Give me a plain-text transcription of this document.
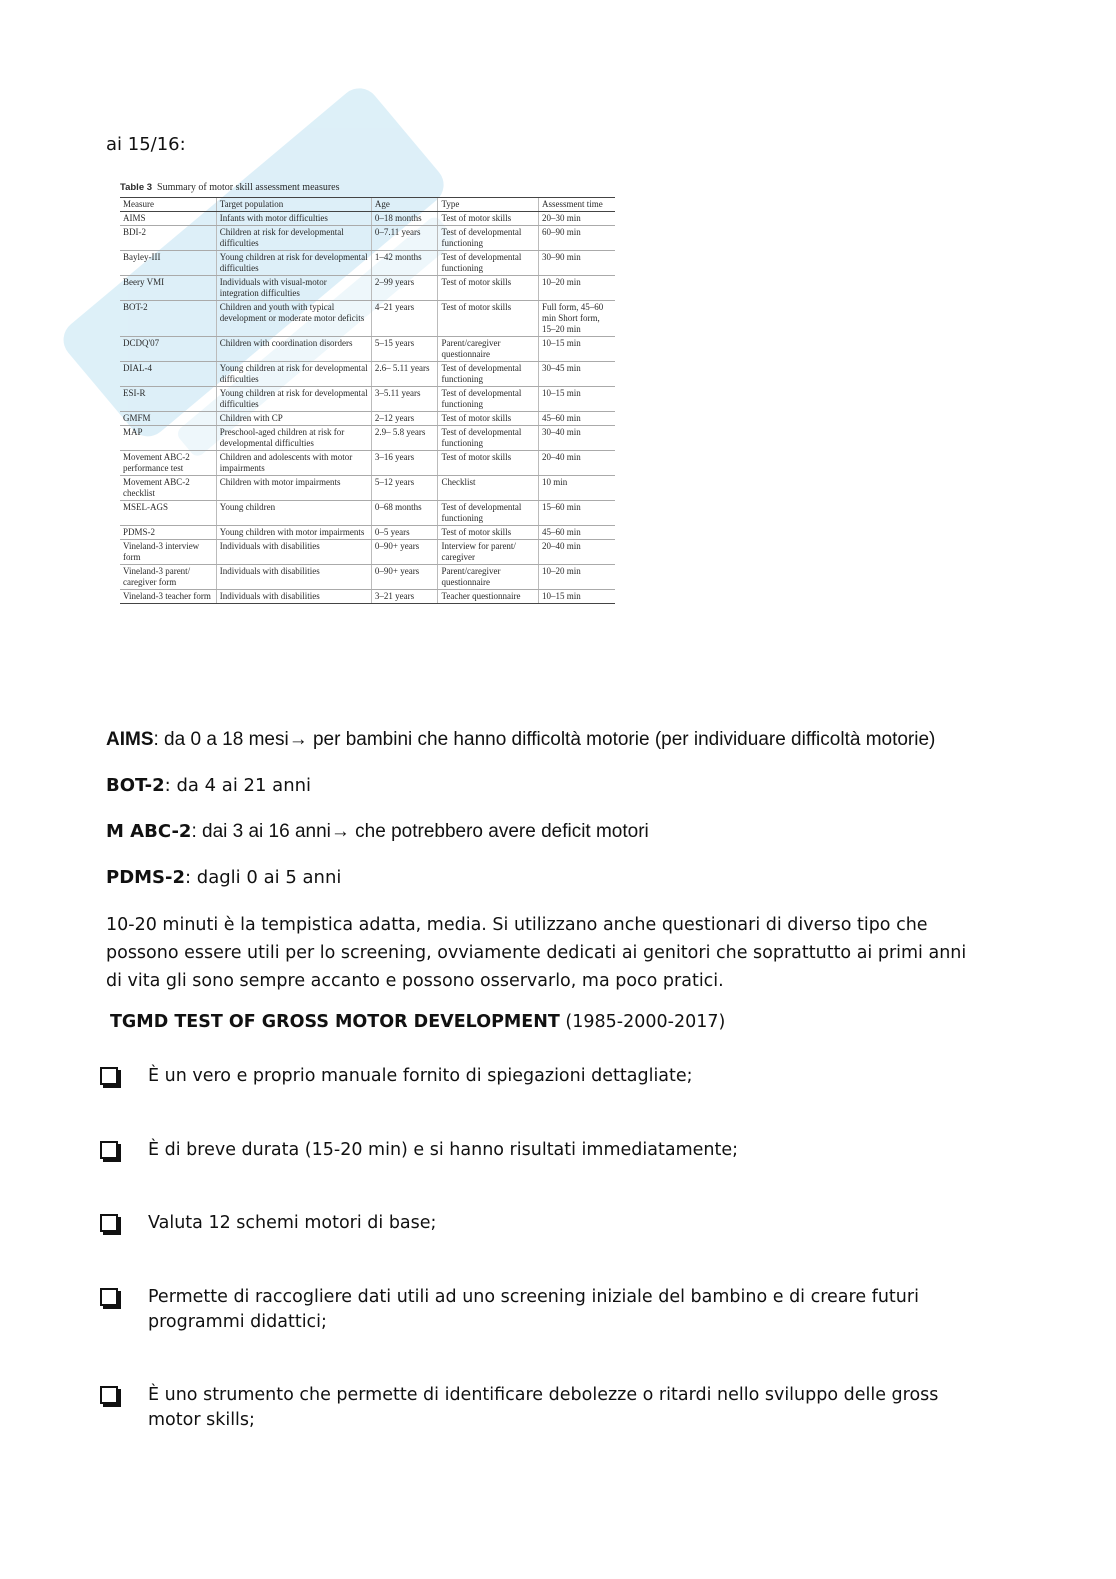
ai 15/16:
Table 3 Summary of motor skill assessment measures
Measure	Target population	Age	Type	Assessment time
AIMS	Infants with motor difficulties	0–18 months	Test of motor skills	20–30 min
BDI-2	Children at risk for developmental difficulties	0–7.11 years	Test of developmental functioning	60–90 min
Bayley-III	Young children at risk for developmental difficulties	1–42 months	Test of developmental functioning	30–90 min
Beery VMI	Individuals with visual-motor integration difficulties	2–99 years	Test of motor skills	10–20 min
BOT-2	Children and youth with typical development or moderate motor deficits	4–21 years	Test of motor skills	Full form, 45–60 min Short form, 15–20 min
DCDQ'07	Children with coordination disorders	5–15 years	Parent/caregiver questionnaire	10–15 min
DIAL-4	Young children at risk for developmental difficulties	2.6– 5.11 years	Test of developmental functioning	30–45 min
ESI-R	Young children at risk for developmental difficulties	3–5.11 years	Test of developmental functioning	10–15 min
GMFM	Children with CP	2–12 years	Test of motor skills	45–60 min
MAP	Preschool-aged children at risk for developmental difficulties	2.9– 5.8 years	Test of developmental functioning	30–40 min
Movement ABC-2 performance test	Children and adolescents with motor impairments	3–16 years	Test of motor skills	20–40 min
Movement ABC-2 checklist	Children with motor impairments	5–12 years	Checklist	10 min
MSEL-AGS	Young children	0–68 months	Test of developmental functioning	15–60 min
PDMS-2	Young children with motor impairments	0–5 years	Test of motor skills	45–60 min
Vineland-3 interview form	Individuals with disabilities	0–90+ years	Interview for parent/ caregiver	20–40 min
Vineland-3 parent/ caregiver form	Individuals with disabilities	0–90+ years	Parent/caregiver questionnaire	10–20 min
Vineland-3 teacher form	Individuals with disabilities	3–21 years	Teacher questionnaire	10–15 min
AIMS: da 0 a 18 mesi→ per bambini che hanno difficoltà motorie (per individuare difficoltà motorie)
BOT-2: da 4 ai 21 anni
M ABC-2: dai 3 ai 16 anni→ che potrebbero avere deficit motori
PDMS-2: dagli 0 ai 5 anni
10-20 minuti è la tempistica adatta, media. Si utilizzano anche questionari di diverso tipo che possono essere utili per lo screening, ovviamente dedicati ai genitori che soprattutto ai primi anni di vita gli sono sempre accanto e possono osservarlo, ma poco pratici.
TGMD TEST OF GROSS MOTOR DEVELOPMENT (1985-2000-2017)
È un vero e proprio manuale fornito di spiegazioni dettagliate;
È di breve durata (15-20 min) e si hanno risultati immediatamente;
Valuta 12 schemi motori di base;
Permette di raccogliere dati utili ad uno screening iniziale del bambino e di creare futuri programmi didattici;
È uno strumento che permette di identificare debolezze o ritardi nello sviluppo delle gross motor skills;
